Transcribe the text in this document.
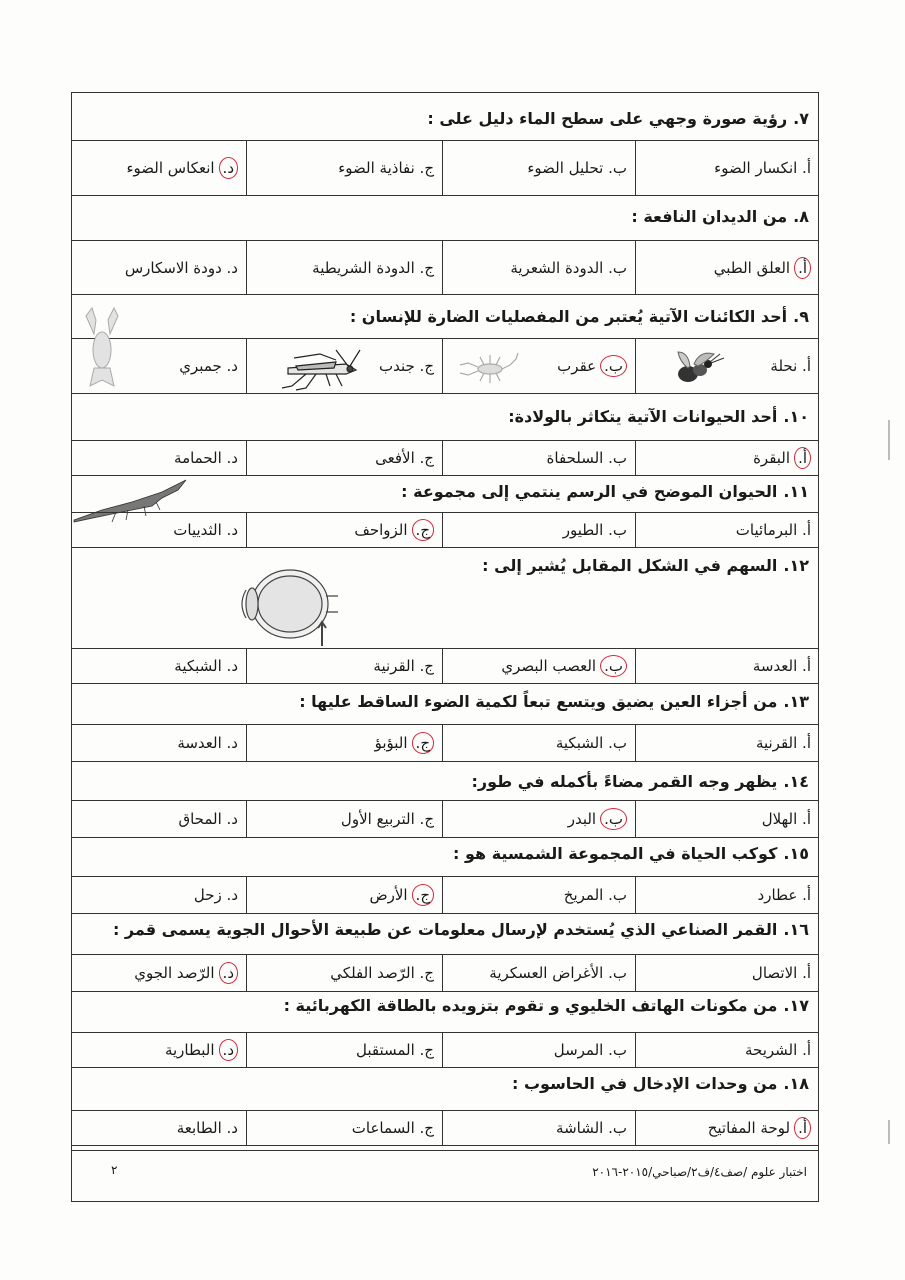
٧.
رؤية صورة وجهي على سطح الماء دليل على :
أ. انكسار الضوء
ب. تحليل الضوء
ج. نفاذية الضوء
د.
انعكاس الضوء
٨.
من الديدان النافعة :
أ.
العلق الطبي
ب. الدودة الشعرية
ج. الدودة الشريطية
د. دودة الاسكارس
٩.
أحد الكائنات الآتية يُعتبر من المفصليات الضارة للإنسان :
أ. نحلة
ب.
عقرب
ج. جندب
د. جمبري
١٠.
أحد الحيوانات الآتية يتكاثر بالولادة:
أ.
البقرة
ب. السلحفاة
ج. الأفعى
د. الحمامة
١١.
الحيوان الموضح في الرسم ينتمي إلى مجموعة :
أ. البرمائيات
ب. الطيور
ج.
الزواحف
د. الثدييات
١٢.
السهم في الشكل المقابل يُشير إلى :
أ. العدسة
ب.
العصب البصري
ج. القرنية
د. الشبكية
١٣.
من أجزاء العين يضيق ويتسع تبعاً لكمية الضوء الساقط عليها :
أ. القرنية
ب. الشبكية
ج.
البؤبؤ
د. العدسة
١٤.
يظهر وجه القمر مضاءً بأكمله في طور:
أ. الهلال
ب.
البدر
ج. التربيع الأول
د. المحاق
١٥.
كوكب الحياة في المجموعة الشمسية هو :
أ. عطارد
ب. المريخ
ج.
الأرض
د. زحل
١٦.
القمر الصناعي الذي يُستخدم لإرسال معلومات عن طبيعة الأحوال الجوية يسمى قمر :
أ. الاتصال
ب. الأغراض العسكرية
ج. الرّصد الفلكي
د.
الرّصد الجوي
١٧.
من مكونات الهاتف الخليوي و تقوم بتزويده بالطاقة الكهربائية :
أ. الشريحة
ب. المرسل
ج. المستقبل
د.
البطارية
١٨.
من وحدات الإدخال في الحاسوب :
أ.
لوحة المفاتيح
ب. الشاشة
ج. السماعات
د. الطابعة
اختبار علوم /صف٤/ف٢/صباحي/٢٠١٥-٢٠١٦
٢
